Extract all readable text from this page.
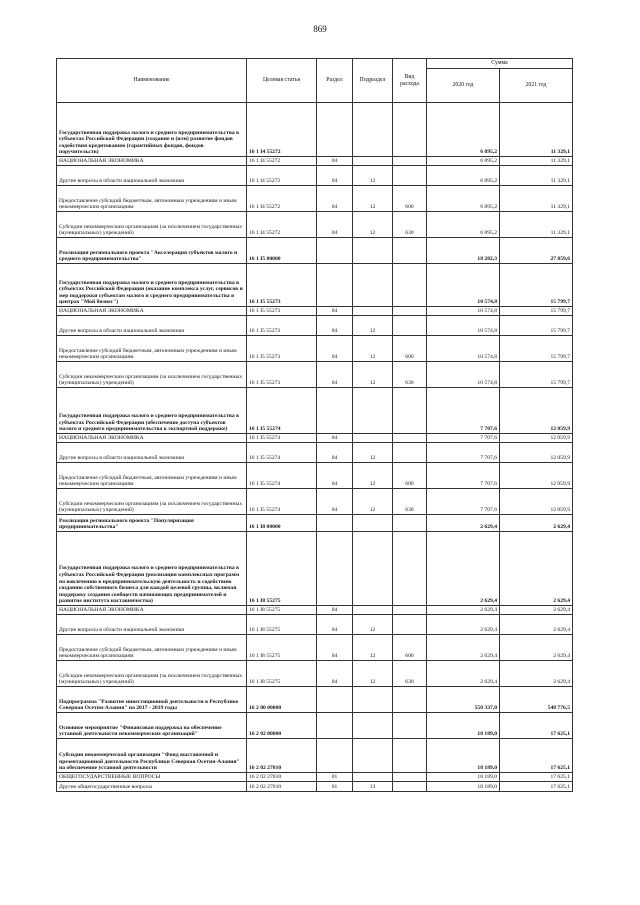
869
Наименование	Целевая статья	Раздел	Подраздел	Вид расхода	Сумма	
					2020 год	2021 год
Государственная поддержка малого и среднего предпринимательства в субъектах Российской Федерации (создание и (или) развитие фондов содействия кредитованию (гарантийных фондов, фондов поручительств)	16 1 I4 55272				6 895,2	11 329,1
НАЦИОНАЛЬНАЯ ЭКОНОМИКА	16 1 I4 55272	04			6 895,2	11 329,1
Другие вопросы в области национальной экономики	16 1 I4 55272	04	12		6 895,2	11 329,1
Предоставление субсидий бюджетным, автономным учреждениям и иным некоммерческим организациям	16 1 I4 55272	04	12	600	6 895,2	11 329,1
Субсидии некоммерческим организациям (за исключением государственных (муниципальных) учреждений)	16 1 I4 55272	04	12	630	6 895,2	11 329,1
Реализация регионального проекта "Акселерация субъектов малого и среднего предпринимательства"	16 1 I5 00000				18 282,3	27 859,6
Государственная поддержка малого и среднего предпринимательства в субъектах Российской Федерации (оказание комплекса услуг, сервисов и мер поддержки субъектам малого и среднего предпринимательства в центрах "Мой бизнес")	16 1 I5 55273				10 574,8	15 799,7
НАЦИОНАЛЬНАЯ ЭКОНОМИКА	16 1 I5 55273	04			10 574,8	15 799,7
Другие вопросы в области национальной экономики	16 1 I5 55273	04	12		10 574,8	15 799,7
Предоставление субсидий бюджетным, автономным учреждениям и иным некоммерческим организациям	16 1 I5 55273	04	12	600	10 574,8	15 799,7
Субсидии некоммерческим организациям (за исключением государственных (муниципальных) учреждений)	16 1 I5 55273	04	12	630	10 574,8	15 799,7
Государственная поддержка малого и среднего предпринимательства в субъектах Российской Федерации (обеспечение доступа субъектов малого и среднего предпринимательства к экспортной поддержке)	16 1 I5 55274				7 707,6	12 059,9
НАЦИОНАЛЬНАЯ ЭКОНОМИКА	16 1 I5 55274	04			7 707,6	12 059,9
Другие вопросы в области национальной экономики	16 1 I5 55274	04	12		7 707,6	12 059,9
Предоставление субсидий бюджетным, автономным учреждениям и иным некоммерческим организациям	16 1 I5 55274	04	12	600	7 707,6	12 059,9
Субсидии некоммерческим организациям (за исключением государственных (муниципальных) учреждений)	16 1 I5 55274	04	12	630	7 707,6	12 059,9
Реализация регионального проекта "Популяризация предпринимательства"	16 1 I8 00000				2 629,4	2 629,4
Государственная поддержка малого и среднего предпринимательства в субъектах Российской Федерации (реализация комплексных программ по вовлечению в предпринимательскую деятельность и содействию созданию собственного бизнеса для каждой целевой группы, включая поддержку создания сообществ начинающих предпринимателей и развитие института наставничества)	16 1 I8 55275				2 629,4	2 629,4
НАЦИОНАЛЬНАЯ ЭКОНОМИКА	16 1 I8 55275	04			2 629,4	2 629,4
Другие вопросы в области национальной экономики	16 1 I8 55275	04	12		2 629,4	2 629,4
Предоставление субсидий бюджетным, автономным учреждениям и иным некоммерческим организациям	16 1 I8 55275	04	12	600	2 629,4	2 629,4
Субсидии некоммерческим организациям (за исключением государственных (муниципальных) учреждений)	16 1 I8 55275	04	12	630	2 629,4	2 629,4
Подпрограмма "Развитие инвестиционной деятельности в Республике Северная Осетия-Алания" на 2017 - 2019 годы	16 2 00 00000				550 337,0	548 776,5
Основное мероприятие "Финансовая поддержка на обеспечение уставной деятельности некоммерческих организаций"	16 2 02 00000				18 189,0	17 625,1
Субсидия некоммерческой организации "Фонд выставочной и презентационной деятельности Республики Северная Осетия-Алания" на обеспечение уставной деятельности	16 2 02 27010				18 189,0	17 625,1
ОБЩЕГОСУДАРСТВЕННЫЕ ВОПРОСЫ	16 2 02 27010	01			18 189,0	17 625,1
Другие общегосударственные вопросы	16 2 02 27010	01	13		18 189,0	17 625,1
